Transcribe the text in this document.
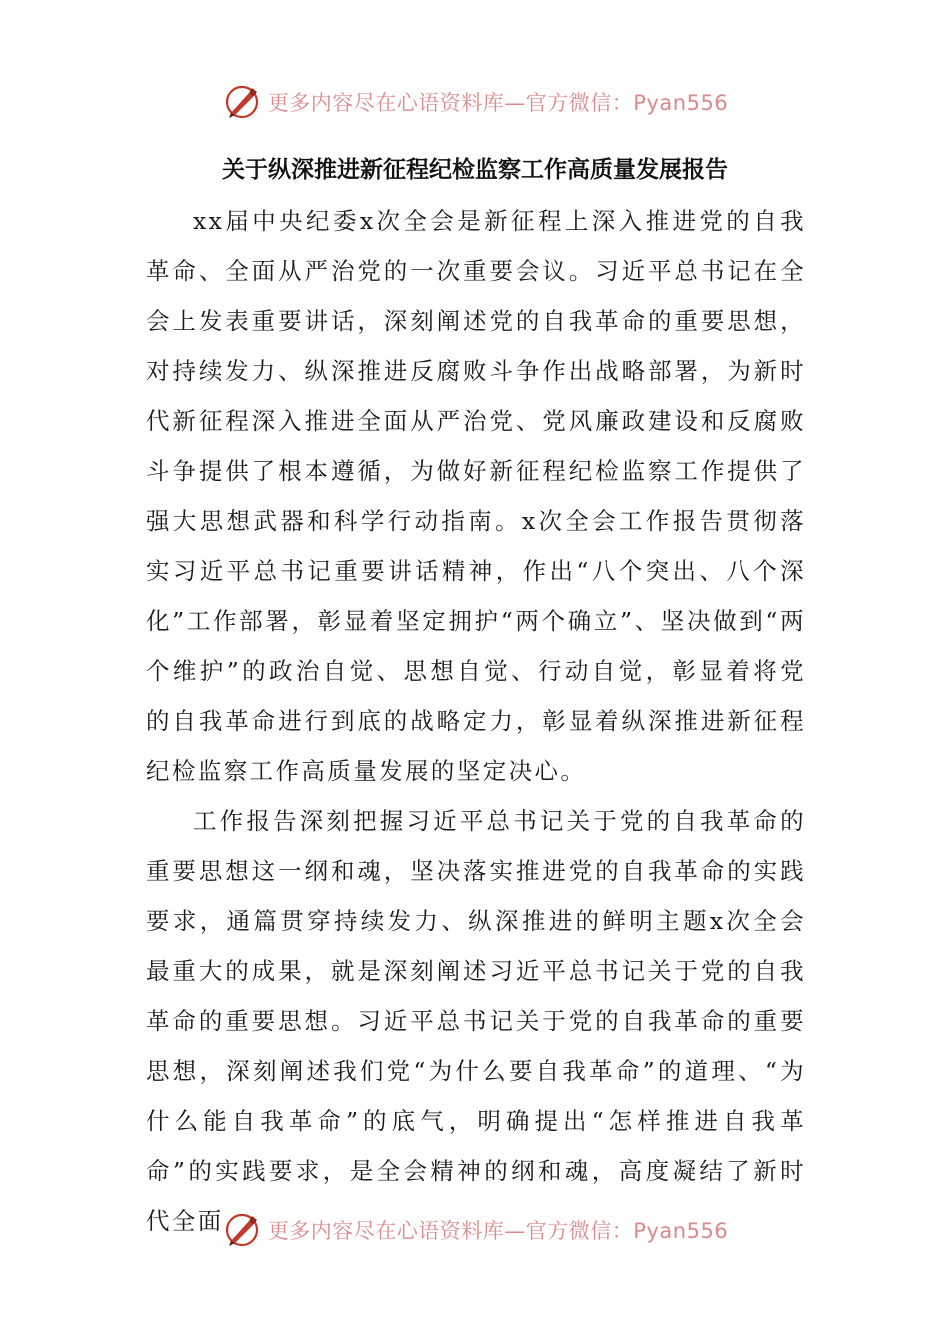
更多内容尽在心语资料库—官方微信：Pyan556
关于纵深推进新征程纪检监察工作高质量发展报告

xx届中央纪委x次全会是新征程上深入推进党的自我革命、全面从严治党的一次重要会议。习近平总书记在全会上发表重要讲话，深刻阐述党的自我革命的重要思想，对持续发力、纵深推进反腐败斗争作出战略部署，为新时代新征程深入推进全面从严治党、党风廉政建设和反腐败斗争提供了根本遵循，为做好新征程纪检监察工作提供了强大思想武器和科学行动指南。x次全会工作报告贯彻落实习近平总书记重要讲话精神，作出“八个突出、八个深化”工作部署，彰显着坚定拥护“两个确立”、坚决做到“两个维护”的政治自觉、思想自觉、行动自觉，彰显着将党的自我革命进行到底的战略定力，彰显着纵深推进新征程纪检监察工作高质量发展的坚定决心。

工作报告深刻把握习近平总书记关于党的自我革命的重要思想这一纲和魂，坚决落实推进党的自我革命的实践要求，通篇贯穿持续发力、纵深推进的鲜明主题x次全会最重大的成果，就是深刻阐述习近平总书记关于党的自我革命的重要思想。习近平总书记关于党的自我革命的重要思想，深刻阐述我们党“为什么要自我革命”的道理、“为什么能自我革命”的底气，明确提出“怎样推进自我革命”的实践要求，是全会精神的纲和魂，高度凝结了新时代全面	更多内容尽在心语资料库—官方微信：Pyan556
